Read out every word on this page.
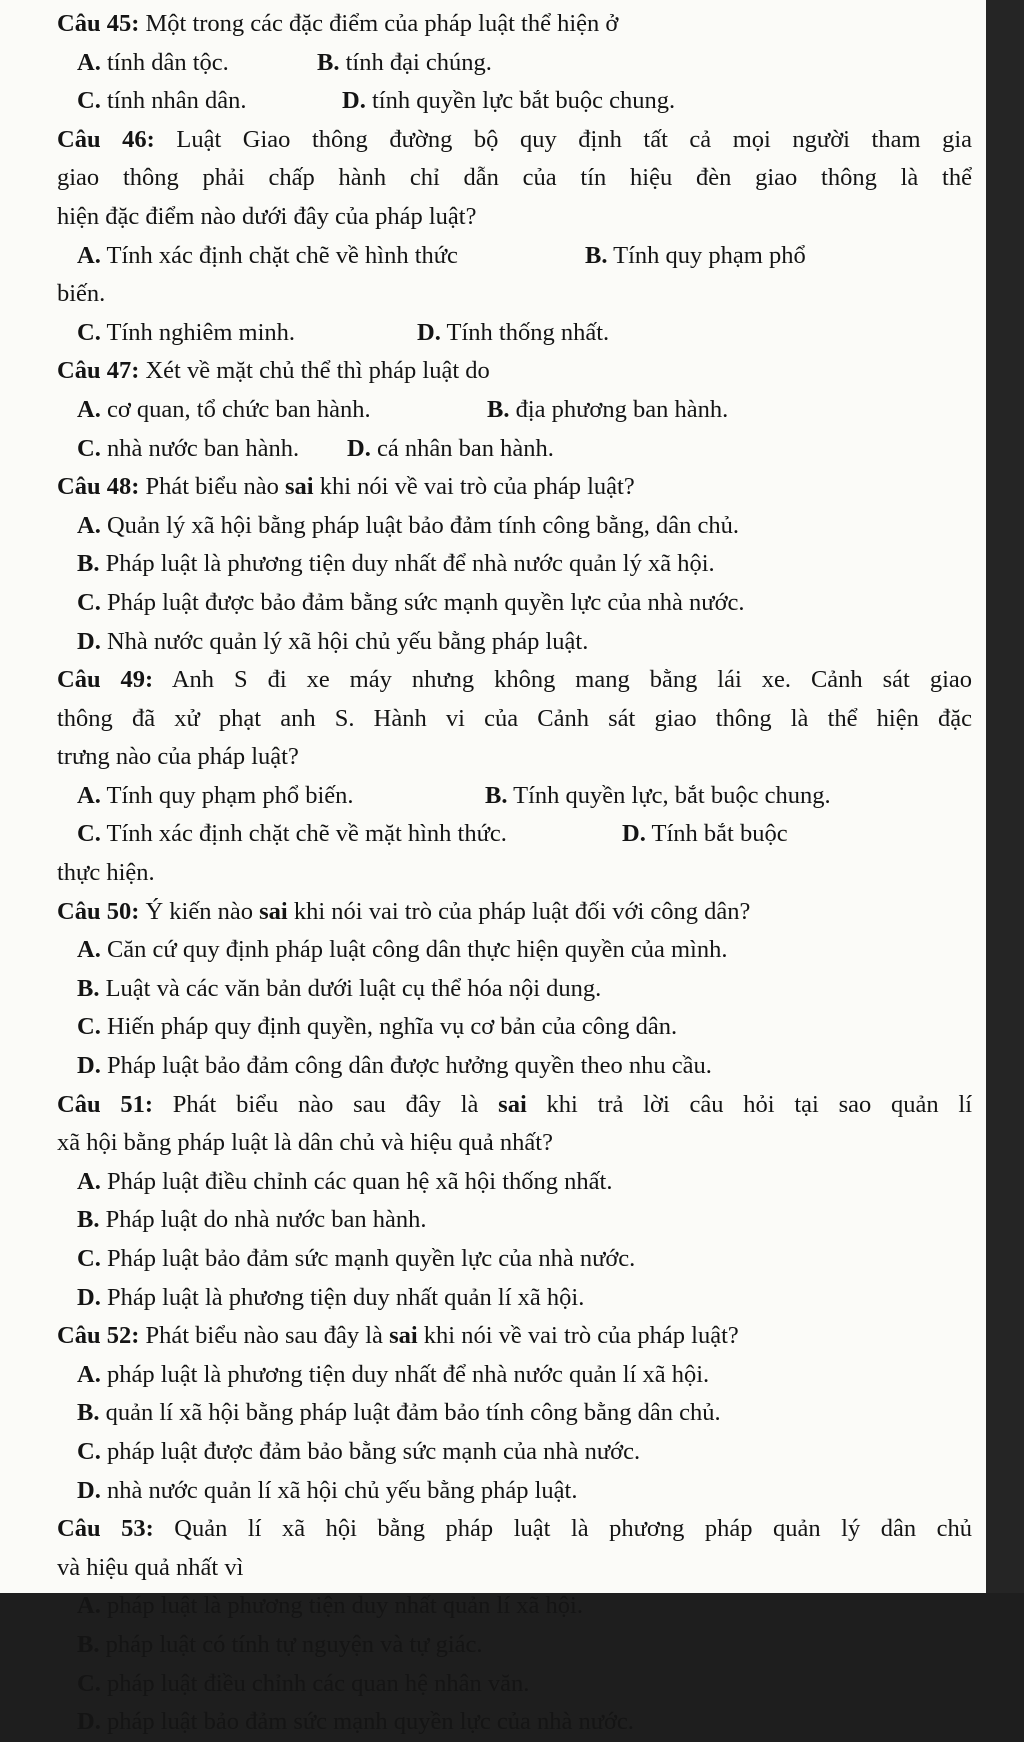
Câu 45: Một trong các đặc điểm của pháp luật thể hiện ở
A. tính dân tộc.	B. tính đại chúng.
C. tính nhân dân.	D. tính quyền lực bắt buộc chung.
Câu 46: Luật Giao thông đường bộ quy định tất cả mọi người tham gia
giao thông phải chấp hành chỉ dẫn của tín hiệu đèn giao thông là thể
hiện đặc điểm nào dưới đây của pháp luật?
A. Tính xác định chặt chẽ về hình thức	B. Tính quy phạm phổ
biến.
C. Tính nghiêm minh.	D. Tính thống nhất.
Câu 47: Xét về mặt chủ thể thì pháp luật do
A. cơ quan, tổ chức ban hành.	B. địa phương ban hành.
C. nhà nước ban hành. D. cá nhân ban hành.
Câu 48: Phát biểu nào sai khi nói về vai trò của pháp luật?
A. Quản lý xã hội bằng pháp luật bảo đảm tính công bằng, dân chủ.
B. Pháp luật là phương tiện duy nhất để nhà nước quản lý xã hội.
C. Pháp luật được bảo đảm bằng sức mạnh quyền lực của nhà nước.
D. Nhà nước quản lý xã hội chủ yếu bằng pháp luật.
Câu 49: Anh S đi xe máy nhưng không mang bằng lái xe. Cảnh sát giao
thông đã xử phạt anh S. Hành vi của Cảnh sát giao thông là thể hiện đặc
trưng nào của pháp luật?
A. Tính quy phạm phổ biến.	B. Tính quyền lực, bắt buộc chung.
C. Tính xác định chặt chẽ về mặt hình thức.	D. Tính bắt buộc
thực hiện.
Câu 50: Ý kiến nào sai khi nói vai trò của pháp luật đối với công dân?
A. Căn cứ quy định pháp luật công dân thực hiện quyền của mình.
B. Luật và các văn bản dưới luật cụ thể hóa nội dung.
C. Hiến pháp quy định quyền, nghĩa vụ cơ bản của công dân.
D. Pháp luật bảo đảm công dân được hưởng quyền theo nhu cầu.
Câu 51: Phát biểu nào sau đây là sai khi trả lời câu hỏi tại sao quản lí
xã hội bằng pháp luật là dân chủ và hiệu quả nhất?
A. Pháp luật điều chỉnh các quan hệ xã hội thống nhất.
B. Pháp luật do nhà nước ban hành.
C. Pháp luật bảo đảm sức mạnh quyền lực của nhà nước.
D. Pháp luật là phương tiện duy nhất quản lí xã hội.
Câu 52: Phát biểu nào sau đây là sai khi nói về vai trò của pháp luật?
A. pháp luật là phương tiện duy nhất để nhà nước quản lí xã hội.
B. quản lí xã hội bằng pháp luật đảm bảo tính công bằng dân chủ.
C. pháp luật được đảm bảo bằng sức mạnh của nhà nước.
D. nhà nước quản lí xã hội chủ yếu bằng pháp luật.
Câu 53: Quản lí xã hội bằng pháp luật là phương pháp quản lý dân chủ
và hiệu quả nhất vì
A. pháp luật là phương tiện duy nhất quản lí xã hội.
B. pháp luật có tính tự nguyện và tự giác.
C. pháp luật điều chỉnh các quan hệ nhân văn.
D. pháp luật bảo đảm sức mạnh quyền lực của nhà nước.
